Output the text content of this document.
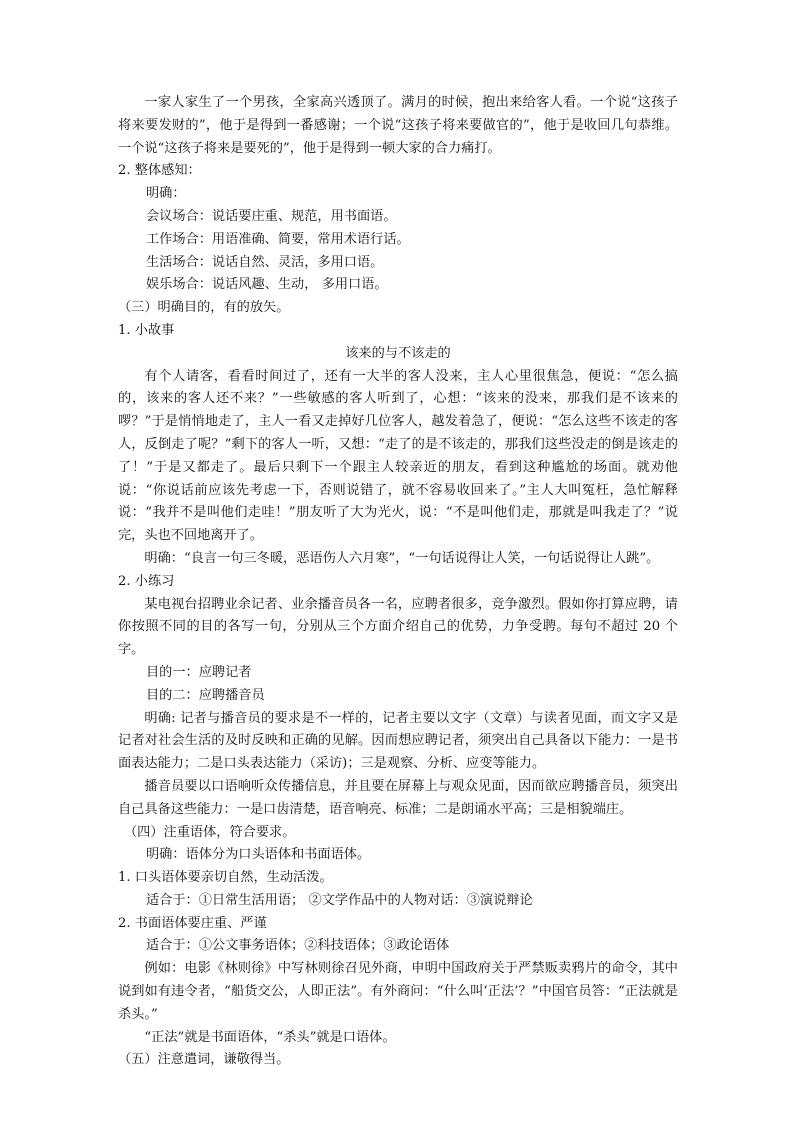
一家人家生了一个男孩，全家高兴透顶了。满月的时候，抱出来给客人看。一个说“这孩子将来要发财的”，他于是得到一番感谢；一个说“这孩子将来要做官的”，他于是收回几句恭维。一个说“这孩子将来是要死的”，他于是得到一顿大家的合力痛打。

2. 整体感知：

明确：

会议场合：说话要庄重、规范，用书面语。

工作场合：用语准确、简要，常用术语行话。

生活场合：说话自然、灵活，多用口语。

娱乐场合：说话风趣、生动， 多用口语。

（三）明确目的，有的放矢。

1. 小故事

该来的与不该走的

有个人请客，看看时间过了，还有一大半的客人没来，主人心里很焦急，便说：“怎么搞的，该来的客人还不来？”一些敏感的客人听到了，心想：“该来的没来，那我们是不该来的啰？”于是悄悄地走了，主人一看又走掉好几位客人，越发着急了，便说：“怎么这些不该走的客人，反倒走了呢？”剩下的客人一听，又想：“走了的是不该走的，那我们这些没走的倒是该走的了！”于是又都走了。最后只剩下一个跟主人较亲近的朋友，看到这种尴尬的场面。就劝他说：“你说话前应该先考虑一下，否则说错了，就不容易收回来了。”主人大叫冤枉，急忙解释说：“我并不是叫他们走哇！”朋友听了大为光火，说：“不是叫他们走，那就是叫我走了？”说完，头也不回地离开了。

明确：“良言一句三冬暖，恶语伤人六月寒”，“一句话说得让人笑，一句话说得让人跳”。

2. 小练习

某电视台招聘业余记者、业余播音员各一名，应聘者很多，竞争激烈。假如你打算应聘，请你按照不同的目的各写一句，分别从三个方面介绍自己的优势，力争受聘。每句不超过 20 个字。

目的一：应聘记者

目的二：应聘播音员

明确: 记者与播音员的要求是不一样的，记者主要以文字（文章）与读者见面，而文字又是记者对社会生活的及时反映和正确的见解。因而想应聘记者，须突出自己具备以下能力：一是书面表达能力；二是口头表达能力（采访)；三是观察、分析、应变等能力。

播音员要以口语响听众传播信息，并且要在屏幕上与观众见面，因而欲应聘播音员，须突出自己具备这些能力：一是口齿清楚，语音响亮、标准；二是朗诵水平高；三是相貌端庄。

（四）注重语体，符合要求。

明确：语体分为口头语体和书面语体。

1. 口头语体要亲切自然，生动活泼。

适合于：①日常生活用语； ②文学作品中的人物对话：③演说辩论

2. 书面语体要庄重、严谨

适合于：①公文事务语体；②科技语体；③政论语体

例如：电影《林则徐》中写林则徐召见外商，申明中国政府关于严禁贩卖鸦片的命令，其中说到如有违令者，“船货交公，人即正法”。有外商问：“什么叫‘正法’？”中国官员答：“正法就是杀头。”

“正法”就是书面语体，“杀头”就是口语体。

（五）注意遣词，谦敬得当。
